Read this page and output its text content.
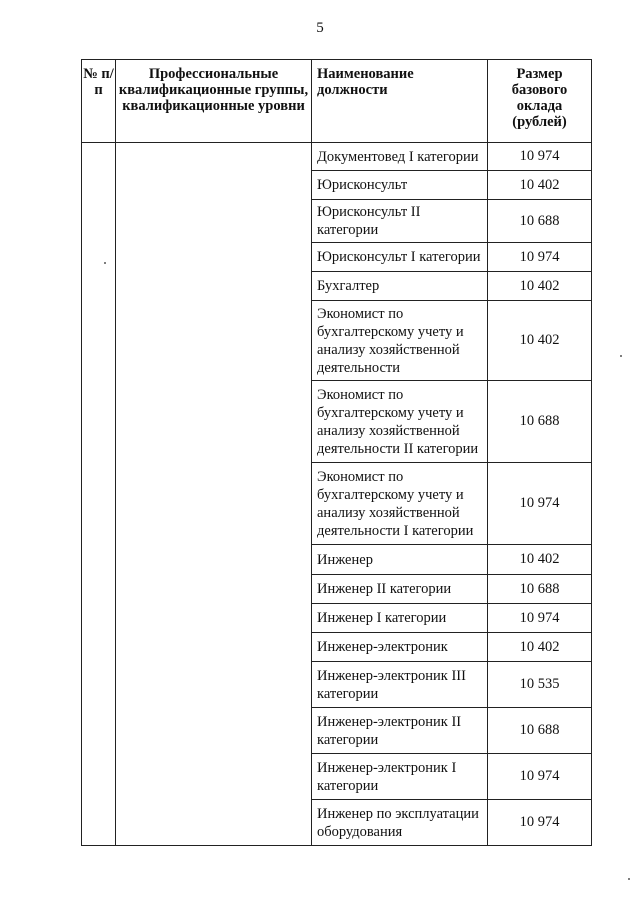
5
№ п/п	Профессиональные квалификационные группы, квалификационные уровни	Наименование должности	Размер базового оклада (рублей)
		Документовед I категории	10 974
		Юрисконсульт	10 402
		Юрисконсульт II категории	10 688
		Юрисконсульт I категории	10 974
		Бухгалтер	10 402
		Экономист по бухгалтерскому учету и анализу хозяйственной деятельности	10 402
		Экономист по бухгалтерскому учету и анализу хозяйственной деятельности II категории	10 688
		Экономист по бухгалтерскому учету и анализу хозяйственной деятельности I категории	10 974
		Инженер	10 402
		Инженер II категории	10 688
		Инженер I категории	10 974
		Инженер-электроник	10 402
		Инженер-электроник III категории	10 535
		Инженер-электроник II категории	10 688
		Инженер-электроник I категории	10 974
		Инженер по эксплуатации оборудования	10 974
